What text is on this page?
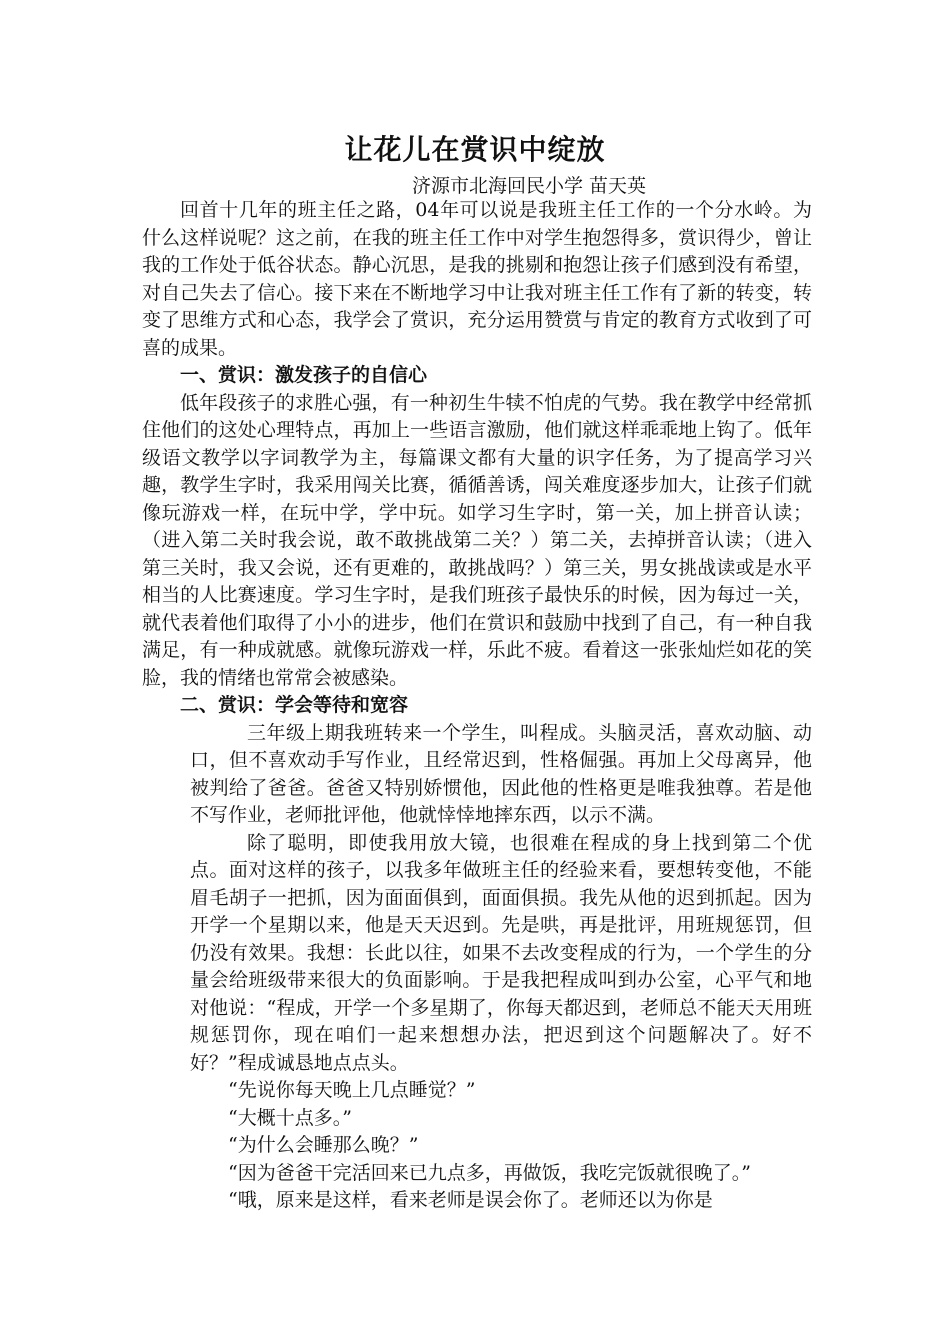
让花儿在赏识中绽放

济源市北海回民小学 苗天英

回首十几年的班主任之路，04年可以说是我班主任工作的一个分水岭。为什么这样说呢？这之前，在我的班主任工作中对学生抱怨得多，赏识得少，曾让我的工作处于低谷状态。静心沉思，是我的挑剔和抱怨让孩子们感到没有希望，对自己失去了信心。接下来在不断地学习中让我对班主任工作有了新的转变，转变了思维方式和心态，我学会了赏识，充分运用赞赏与肯定的教育方式收到了可喜的成果。

一、赏识：激发孩子的自信心

低年段孩子的求胜心强，有一种初生牛犊不怕虎的气势。我在教学中经常抓住他们的这处心理特点，再加上一些语言激励，他们就这样乖乖地上钩了。低年级语文教学以字词教学为主，每篇课文都有大量的识字任务，为了提高学习兴趣，教学生字时，我采用闯关比赛，循循善诱，闯关难度逐步加大，让孩子们就像玩游戏一样，在玩中学，学中玩。如学习生字时，第一关，加上拼音认读；（进入第二关时我会说，敢不敢挑战第二关？）第二关，去掉拼音认读；（进入第三关时，我又会说，还有更难的，敢挑战吗？）第三关，男女挑战读或是水平相当的人比赛速度。学习生字时，是我们班孩子最快乐的时候，因为每过一关，就代表着他们取得了小小的进步，他们在赏识和鼓励中找到了自己，有一种自我满足，有一种成就感。就像玩游戏一样，乐此不疲。看着这一张张灿烂如花的笑脸，我的情绪也常常会被感染。

二、赏识：学会等待和宽容

三年级上期我班转来一个学生，叫程成。头脑灵活，喜欢动脑、动口，但不喜欢动手写作业，且经常迟到，性格倔强。再加上父母离异，他被判给了爸爸。爸爸又特别娇惯他，因此他的性格更是唯我独尊。若是他不写作业，老师批评他，他就悻悻地摔东西，以示不满。

除了聪明，即使我用放大镜，也很难在程成的身上找到第二个优点。面对这样的孩子，以我多年做班主任的经验来看，要想转变他，不能眉毛胡子一把抓，因为面面俱到，面面俱损。我先从他的迟到抓起。因为开学一个星期以来，他是天天迟到。先是哄，再是批评，用班规惩罚，但仍没有效果。我想：长此以往，如果不去改变程成的行为，一个学生的分量会给班级带来很大的负面影响。于是我把程成叫到办公室，心平气和地对他说：“程成，开学一个多星期了，你每天都迟到，老师总不能天天用班规惩罚你，现在咱们一起来想想办法，把迟到这个问题解决了。好不好？”程成诚恳地点点头。

“先说你每天晚上几点睡觉？”

“大概十点多。”

“为什么会睡那么晚？”

“因为爸爸干完活回来已九点多，再做饭，我吃完饭就很晚了。”

“哦，原来是这样，看来老师是误会你了。老师还以为你是
